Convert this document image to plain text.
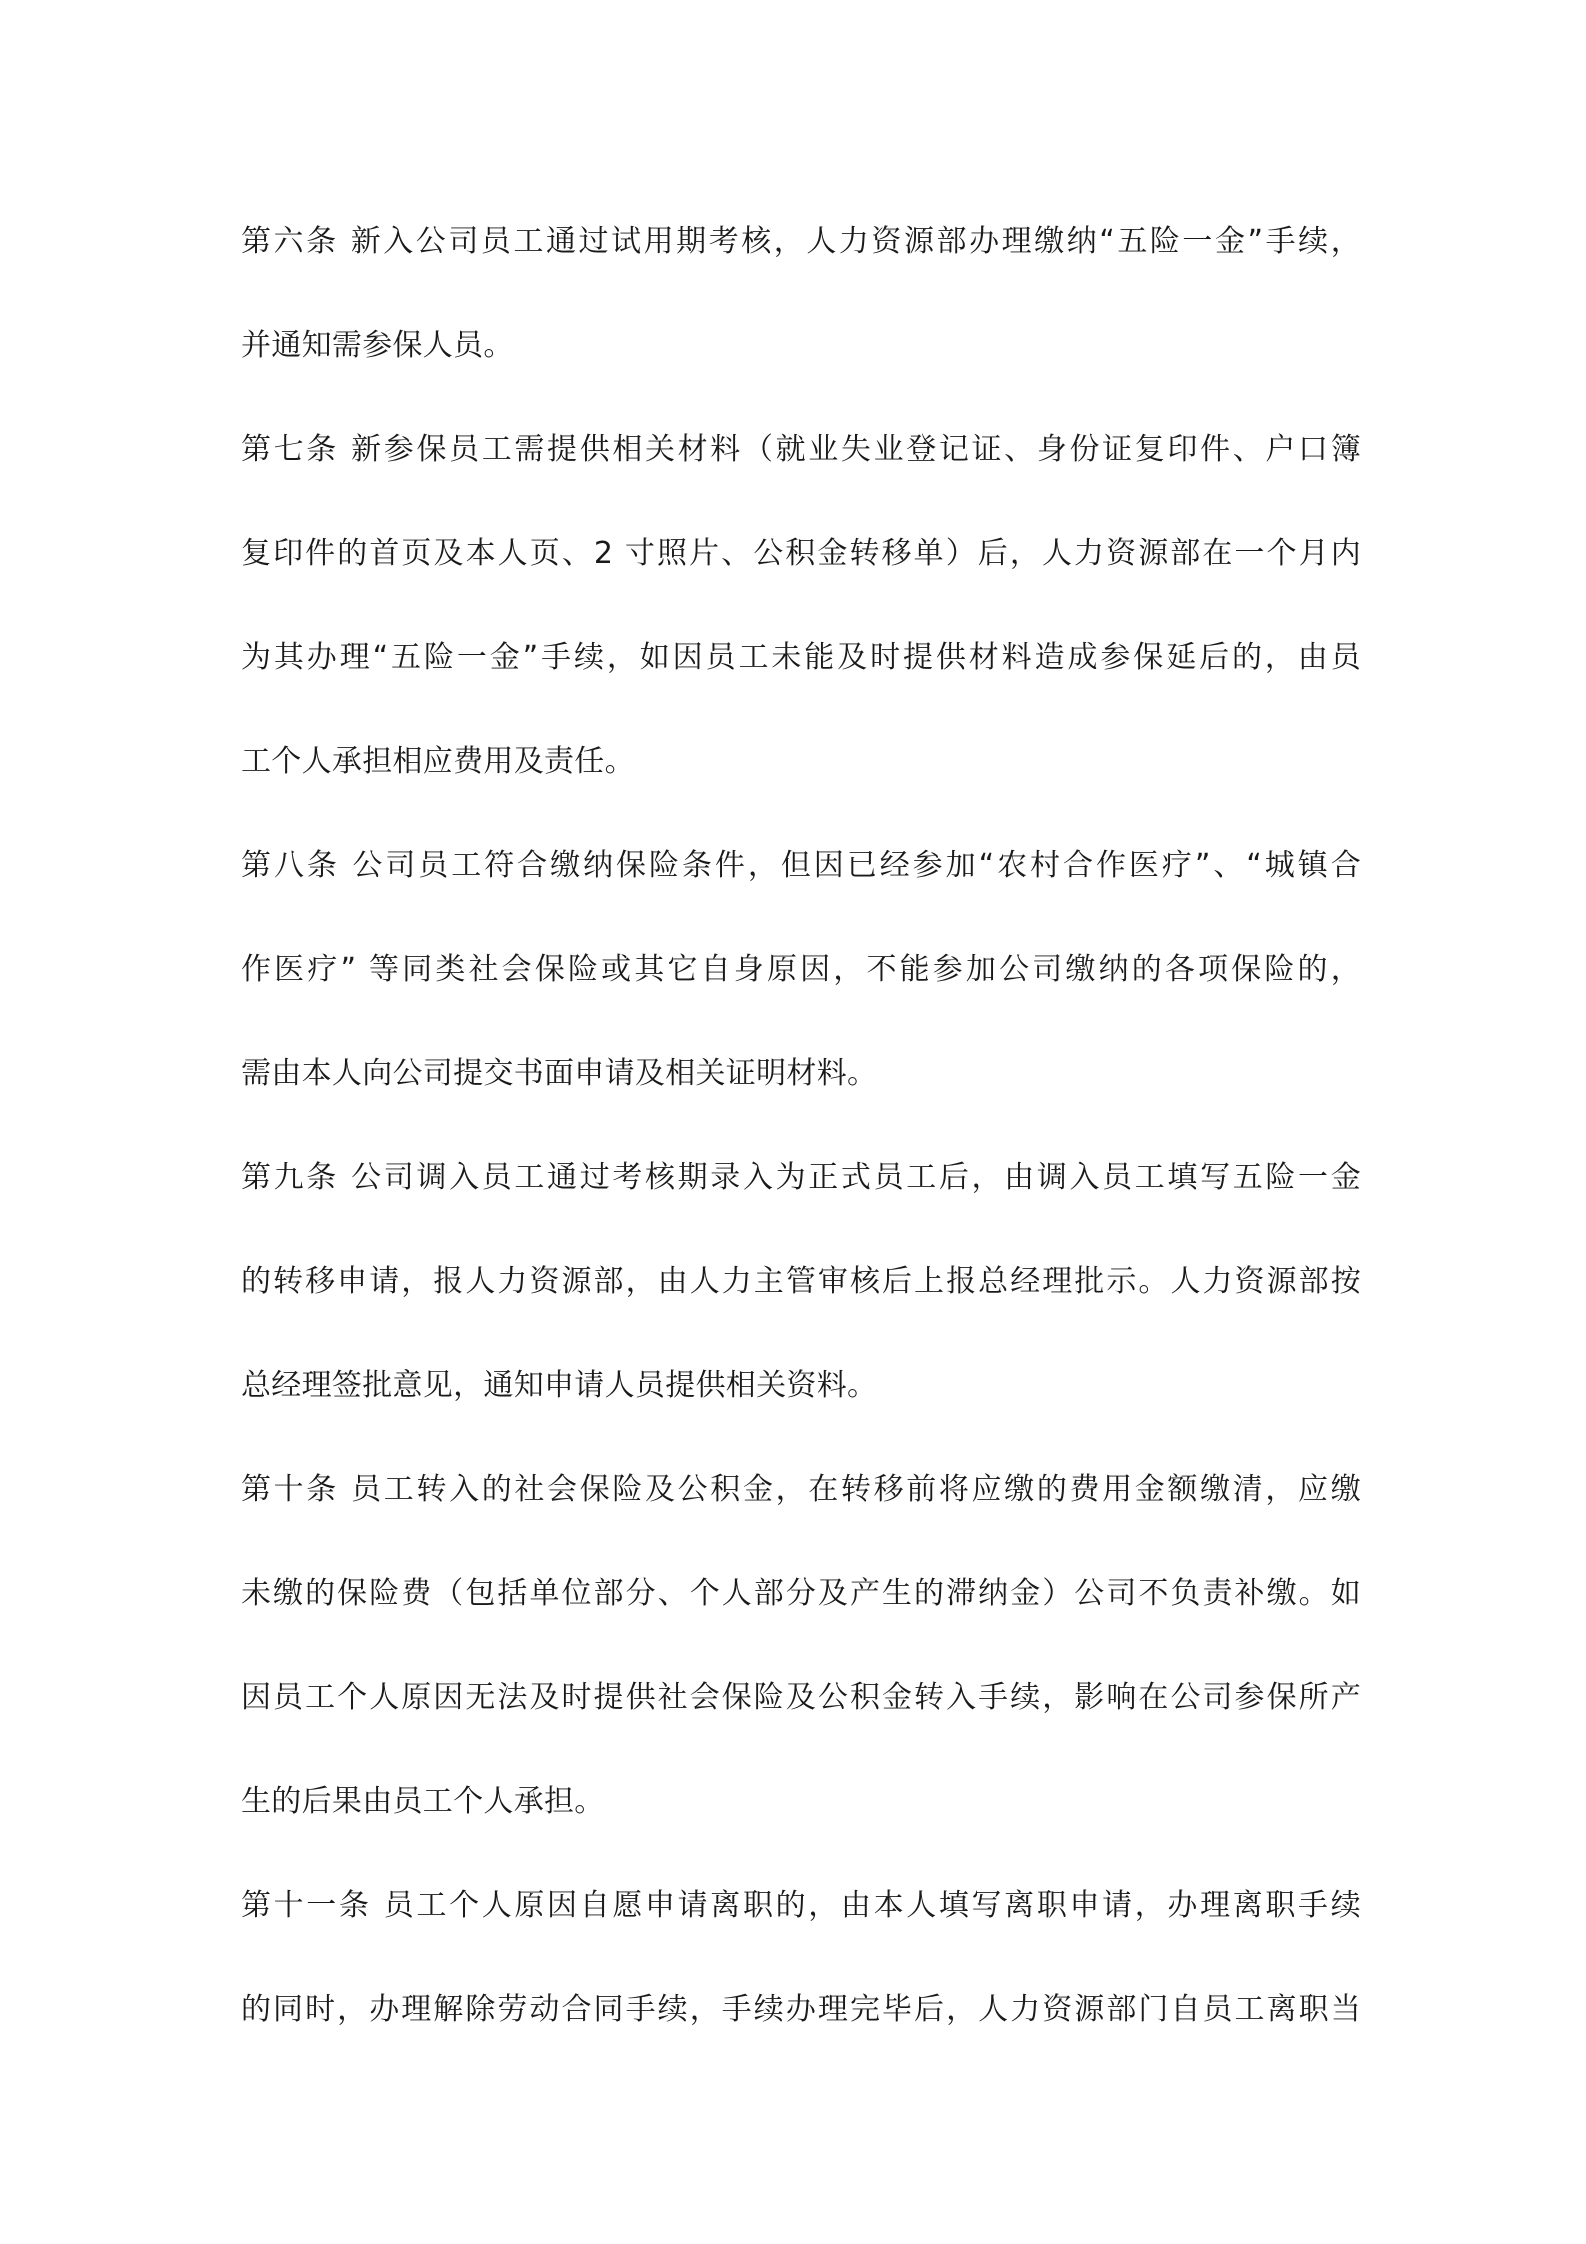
第六条 新入公司员工通过试用期考核，人力资源部办理缴纳“五险一金”手续，

并通知需参保人员。

第七条 新参保员工需提供相关材料（就业失业登记证、身份证复印件、户口簿

复印件的首页及本人页、2 寸照片、公积金转移单）后，人力资源部在一个月内

为其办理“五险一金”手续，如因员工未能及时提供材料造成参保延后的，由员

工个人承担相应费用及责任。

第八条 公司员工符合缴纳保险条件，但因已经参加“农村合作医疗”、“城镇合

作医疗” 等同类社会保险或其它自身原因，不能参加公司缴纳的各项保险的，

需由本人向公司提交书面申请及相关证明材料。

第九条 公司调入员工通过考核期录入为正式员工后，由调入员工填写五险一金

的转移申请，报人力资源部，由人力主管审核后上报总经理批示。人力资源部按

总经理签批意见，通知申请人员提供相关资料。

第十条 员工转入的社会保险及公积金，在转移前将应缴的费用金额缴清，应缴

未缴的保险费（包括单位部分、个人部分及产生的滞纳金）公司不负责补缴。如

因员工个人原因无法及时提供社会保险及公积金转入手续，影响在公司参保所产

生的后果由员工个人承担。

第十一条 员工个人原因自愿申请离职的，由本人填写离职申请，办理离职手续

的同时，办理解除劳动合同手续，手续办理完毕后，人力资源部门自员工离职当
